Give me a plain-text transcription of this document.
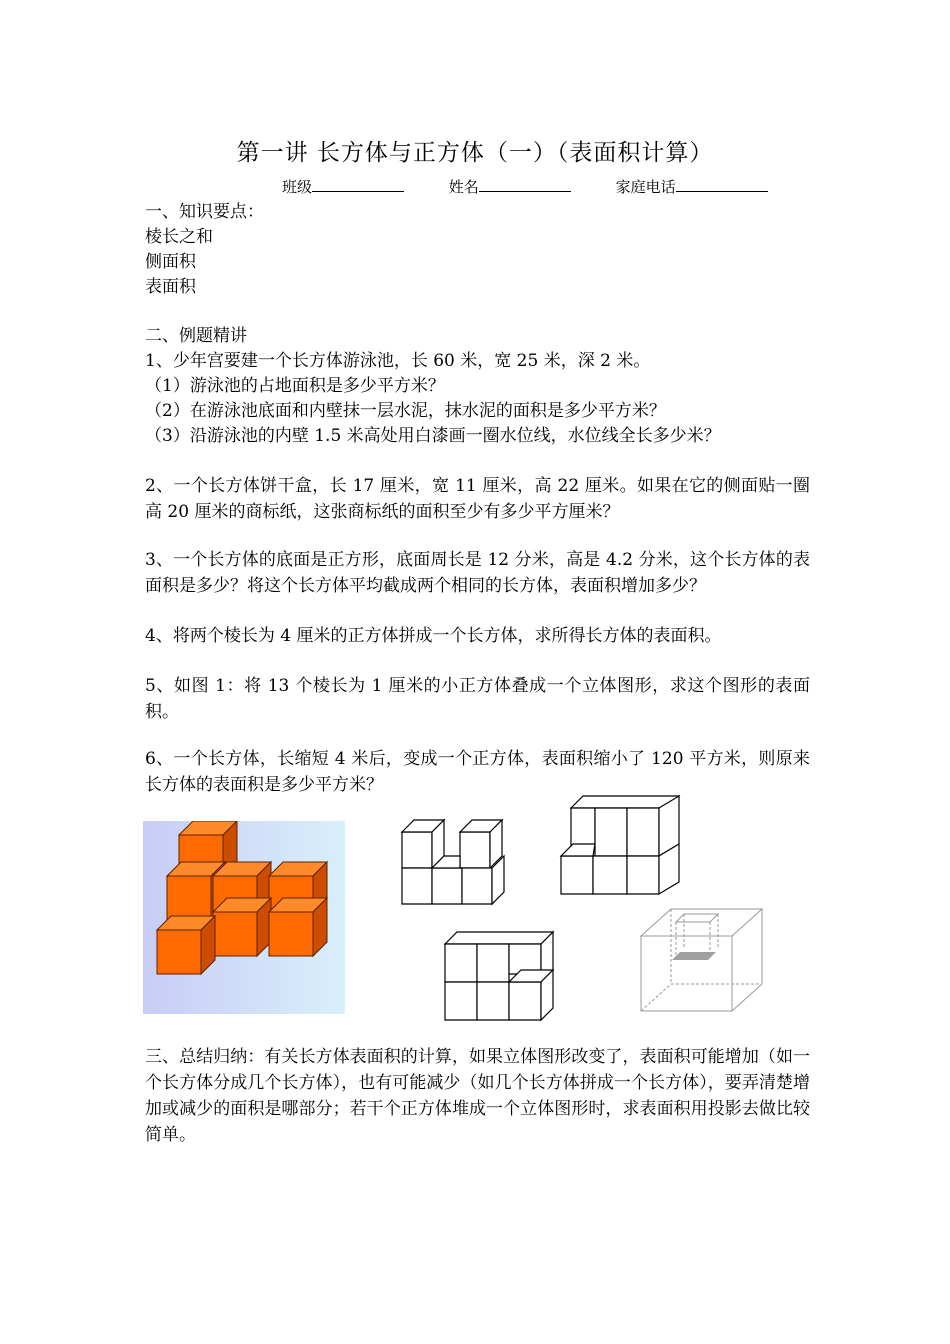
第一讲 长方体与正方体（一）（表面积计算）
班级	姓名	家庭电话
一、知识要点：
棱长之和
侧面积
表面积
二、例题精讲
1、少年宫要建一个长方体游泳池，长 60 米，宽 25 米，深 2 米。
（1）游泳池的占地面积是多少平方米？
（2）在游泳池底面和内壁抹一层水泥，抹水泥的面积是多少平方米？
（3）沿游泳池的内壁 1.5 米高处用白漆画一圈水位线，水位线全长多少米？
2、一个长方体饼干盒，长 17 厘米，宽 11 厘米，高 22 厘米。如果在它的侧面贴一圈高 20 厘米的商标纸，这张商标纸的面积至少有多少平方厘米？
3、一个长方体的底面是正方形，底面周长是 12 分米，高是 4.2 分米，这个长方体的表面积是多少？将这个长方体平均截成两个相同的长方体，表面积增加多少？
4、将两个棱长为 4 厘米的正方体拼成一个长方体，求所得长方体的表面积。
5、如图 1：将 13 个棱长为 1 厘米的小正方体叠成一个立体图形，求这个图形的表面积。
6、一个长方体，长缩短 4 米后，变成一个正方体，表面积缩小了 120 平方米，则原来长方体的表面积是多少平方米？
三、总结归纳：有关长方体表面积的计算，如果立体图形改变了，表面积可能增加（如一个长方体分成几个长方体），也有可能减少（如几个长方体拼成一个长方体），要弄清楚增加或减少的面积是哪部分；若干个正方体堆成一个立体图形时，求表面积用投影去做比较简单。
